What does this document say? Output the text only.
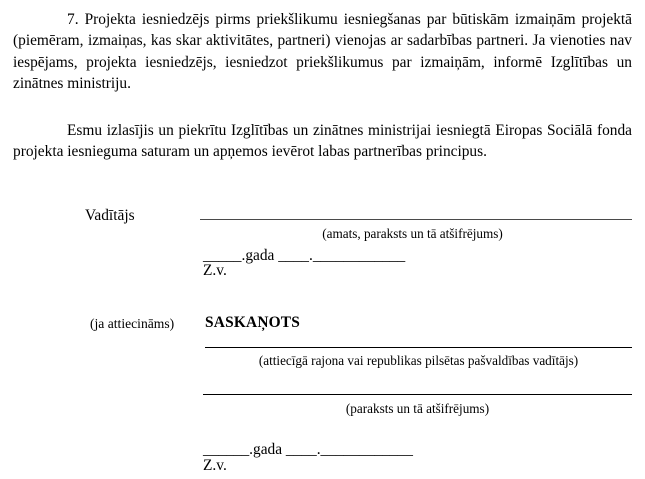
7. Projekta iesniedzējs pirms priekšlikumu iesniegšanas par būtiskām izmaiņām projektā (piemēram, izmaiņas, kas skar aktivitātes, partneri) vienojas ar sadarbības partneri. Ja vienoties nav iespējams, projekta iesniedzējs, iesniedzot priekšlikumus par izmaiņām, informē Izglītības un zinātnes ministriju.
Esmu izlasījis un piekrītu Izglītības un zinātnes ministrijai iesniegtā Eiropas Sociālā fonda projekta iesnieguma saturam un apņemos ievērot labas partnerības principus.
Vadītājs
(amats, paraksts un tā atšifrējums)
_____.gada ____.____________
Z.v.
(ja attiecināms) SASKAŅOTS
(attiecīgā rajona vai republikas pilsētas pašvaldības vadītājs)
(paraksts un tā atšifrējums)
______.gada ____.____________
Z.v.
